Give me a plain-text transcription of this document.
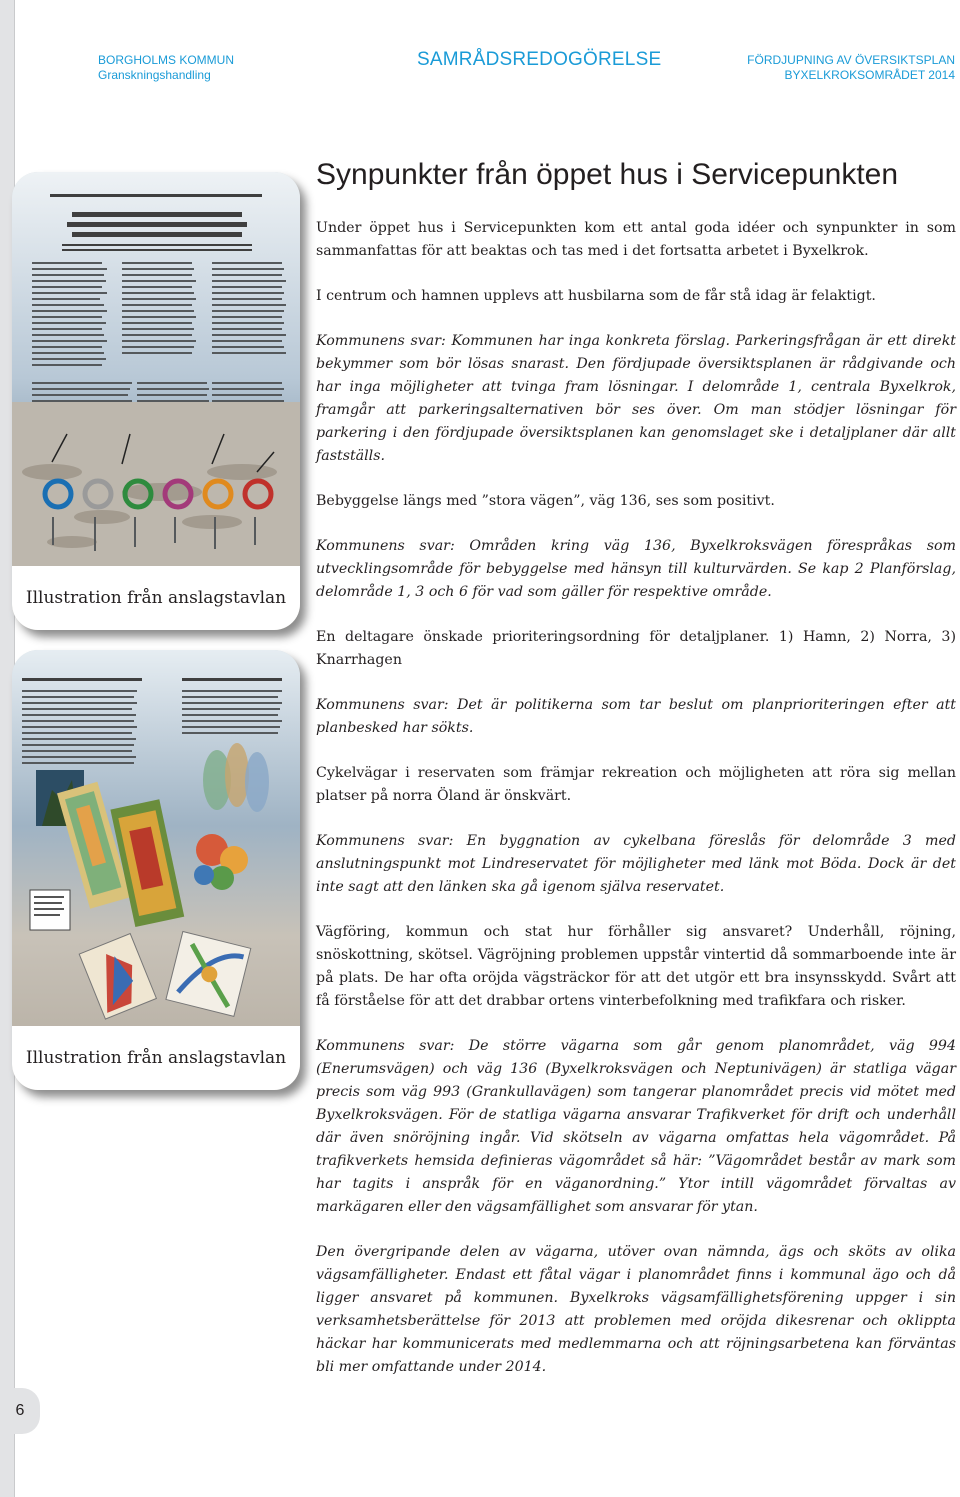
BORGHOLMS KOMMUN
Granskningshandling
SAMRÅDSREDOGÖRELSE	FÖRDJUPNING AV ÖVERSIKTSPLAN
BYXELKROKSOMRÅDET 2014
Illustration från anslagstavlan
Illustration från anslagstavlan
Synpunkter från öppet hus i Servicepunkten

Under öppet hus i Servicepunkten kom ett antal goda idéer och synpunkter in som sammanfattas för att beaktas och tas med i det fortsatta arbetet i Byxelkrok.

I centrum och hamnen upplevs att husbilarna som de får stå idag är felaktigt.

Kommunens svar: Kommunen har inga konkreta förslag. Parkeringsfrågan är ett direkt bekymmer som bör lösas snarast. Den fördjupade översiktsplanen är rådgivande och har inga möjligheter att tvinga fram lösningar. I delområde 1, centrala Byxelkrok, framgår att parkeringsalternativen bör ses över. Om man stödjer lösningar för parkering i den fördjupade översiktsplanen kan genomslaget ske i detaljplaner där allt fastställs.

Bebyggelse längs med ”stora vägen”, väg 136, ses som positivt.

Kommunens svar: Områden kring väg 136, Byxelkroksvägen förespråkas som utvecklingsområde för bebyggelse med hänsyn till kulturvärden. Se kap 2 Planförslag, delområde 1, 3 och 6 för vad som gäller för respektive område.

En deltagare önskade prioriteringsordning för detaljplaner. 1) Hamn, 2) Norra, 3) Knarrhagen

Kommunens svar: Det är politikerna som tar beslut om planprioriteringen efter att planbesked har sökts.

Cykelvägar i reservaten som främjar rekreation och möjligheten att röra sig mellan platser på norra Öland är önskvärt.

Kommunens svar: En byggnation av cykelbana föreslås för delområde 3 med anslutningspunkt mot Lindreservatet för möjligheter med länk mot Böda. Dock är det inte sagt att den länken ska gå igenom själva reservatet.

Vägföring, kommun och stat hur förhåller sig ansvaret? Underhåll, röjning, snöskottning, skötsel. Vägröjning problemen uppstår vintertid då sommarboende inte är på plats. De har ofta oröjda vägsträckor för att det utgör ett bra insynsskydd. Svårt att få förståelse för att det drabbar ortens vinterbefolkning med trafikfara och risker.

Kommunens svar: De större vägarna som går genom planområdet, väg 994 (Enerumsvägen) och väg 136 (Byxelkroksvägen och Neptunivägen) är statliga vägar precis som väg 993 (Grankullavägen) som tangerar planområdet precis vid mötet med Byxelkroksvägen. För de statliga vägarna ansvarar Trafikverket för drift och underhåll där även snöröjning ingår. Vid skötseln av vägarna omfattas hela vägområdet. På trafikverkets hemsida definieras vägområdet så här: ”Vägområdet består av mark som har tagits i anspråk för en väganordning.” Ytor intill vägområdet förvaltas av markägaren eller den vägsamfällighet som ansvarar för ytan.

Den övergripande delen av vägarna, utöver ovan nämnda, ägs och sköts av olika vägsamfälligheter. Endast ett fåtal vägar i planområdet finns i kommunal ägo och då ligger ansvaret på kommunen. Byxelkroks vägsamfällighetsförening uppger i sin verksamhetsberättelse för 2013 att problemen med oröjda dikesrenar och oklippta häckar har kommunicerats med medlemmarna och att röjningsarbetena kan förväntas bli mer omfattande under 2014.

6
